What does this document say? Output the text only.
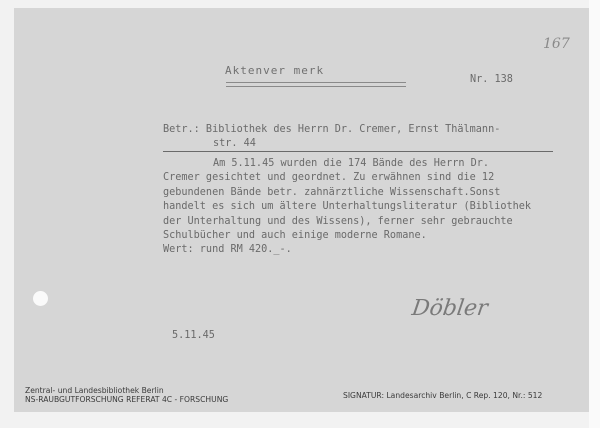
167
Aktenver merk
Nr. 138
Betr.: Bibliothek des Herrn Dr. Cremer, Ernst Thälmann-
str. 44
Am 5.11.45 wurden die 174 Bände des Herrn Dr.
Cremer gesichtet und geordnet. Zu erwähnen sind die 12
gebundenen Bände betr. zahnärztliche Wissenschaft.Sonst
handelt es sich um ältere Unterhaltungsliteratur (Bibliothek
der Unterhaltung und des Wissens), ferner sehr gebrauchte
Schulbücher und auch einige moderne Romane.
Wert: rund RM 420._-.
Döbler
5.11.45
Zentral- und Landesbibliothek Berlin
NS-RAUBGUTFORSCHUNG REFERAT 4C - FORSCHUNG	SIGNATUR: Landesarchiv Berlin, C Rep. 120, Nr.: 512
